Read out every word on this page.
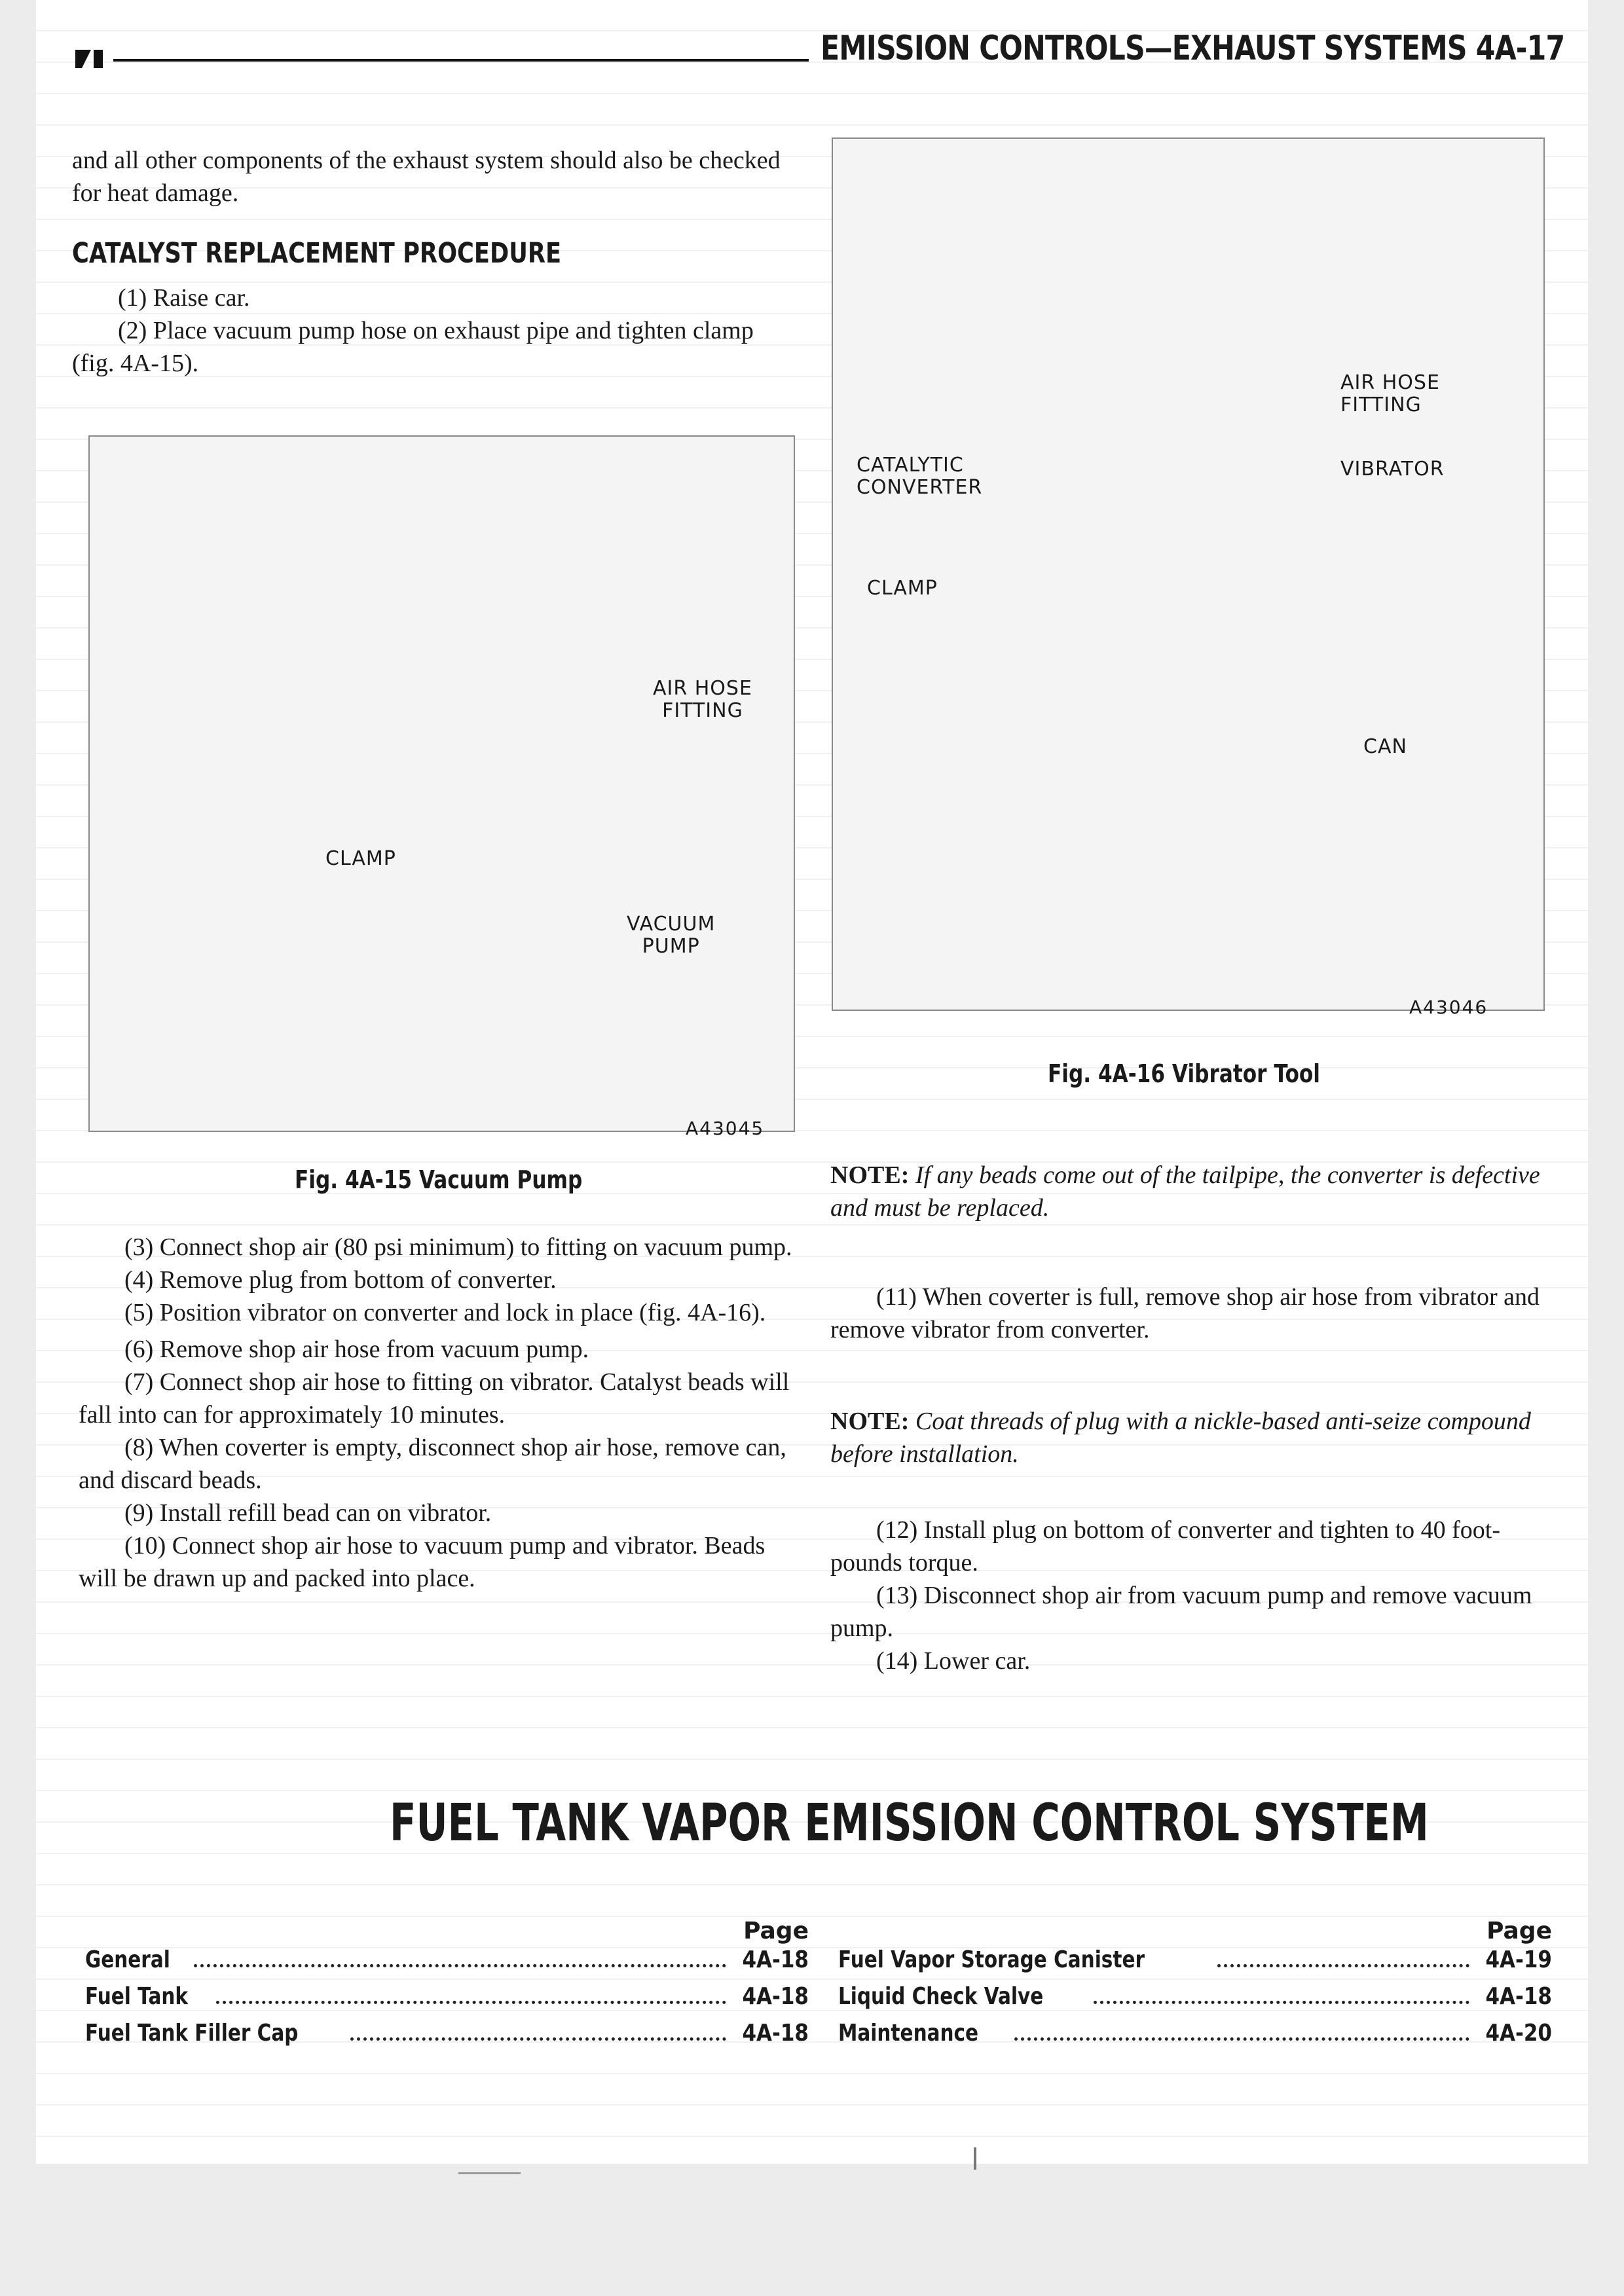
EMISSION CONTROLS—EXHAUST SYSTEMS 4A-17

and all other components of the exhaust system should also be checked for heat damage.

CATALYST REPLACEMENT PROCEDURE

(1) Raise car.

(2) Place vacuum pump hose on exhaust pipe and tighten clamp (fig. 4A-15).

AIR HOSE
FITTING
CLAMP
VACUUM
PUMP
A43045
Fig. 4A-15 Vacuum Pump

(3) Connect shop air (80 psi minimum) to fitting on vacuum pump.

(4) Remove plug from bottom of converter.

(5) Position vibrator on converter and lock in place (fig. 4A-16).

(6) Remove shop air hose from vacuum pump.

(7) Connect shop air hose to fitting on vibrator. Catalyst beads will fall into can for approximately 10 minutes.

(8) When coverter is empty, disconnect shop air hose, remove can, and discard beads.

(9) Install refill bead can on vibrator.

(10) Connect shop air hose to vacuum pump and vibrator. Beads will be drawn up and packed into place.

AIR HOSE
FITTING
CATALYTIC
CONVERTER
VIBRATOR
CLAMP
CAN
A43046
Fig. 4A-16 Vibrator Tool

NOTE: If any beads come out of the tailpipe, the converter is defective and must be replaced.

(11) When coverter is full, remove shop air hose from vibrator and remove vibrator from converter.

NOTE: Coat threads of plug with a nickle-based anti-seize compound before installation.

(12) Install plug on bottom of converter and tighten to 40 foot-pounds torque.

(13) Disconnect shop air from vacuum pump and remove vacuum pump.

(14) Lower car.

FUEL TANK VAPOR EMISSION CONTROL SYSTEM
Page
General	4A-18
Fuel Tank	4A-18
Fuel Tank Filler Cap	4A-18
Page
Fuel Vapor Storage Canister	4A-19
Liquid Check Valve	4A-18
Maintenance	4A-20
